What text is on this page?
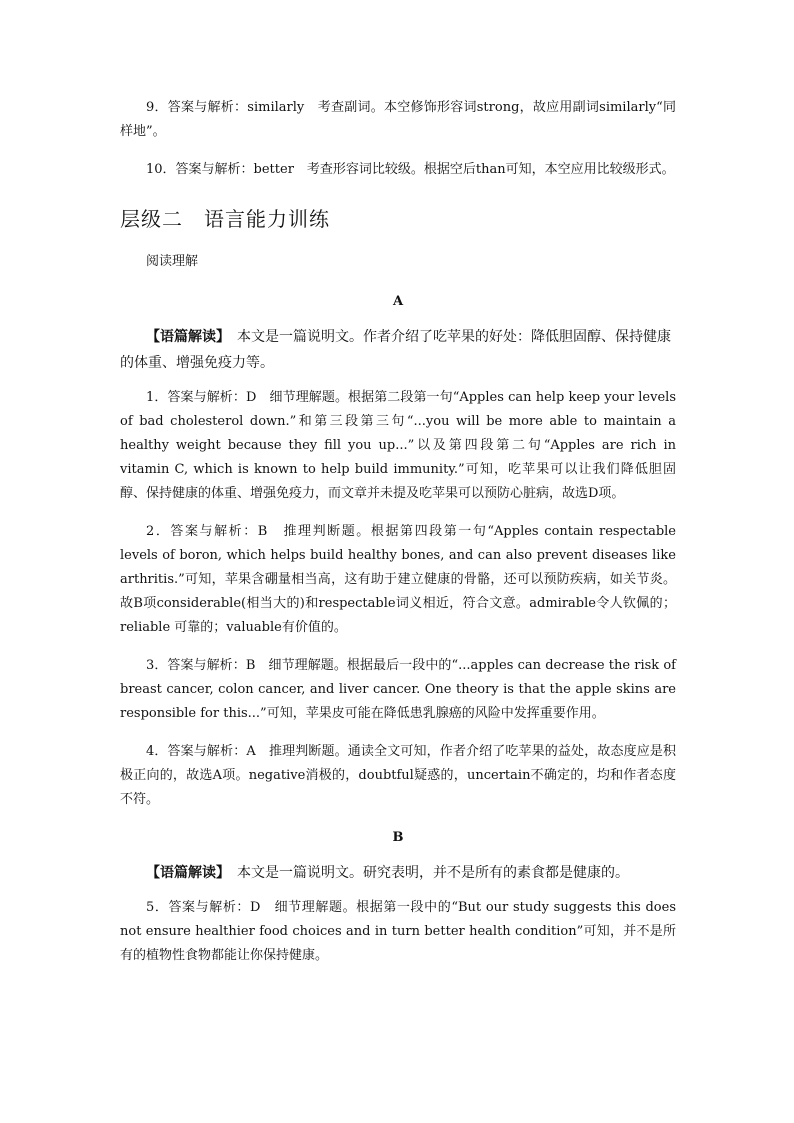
9．答案与解析：similarly　考查副词。本空修饰形容词strong，故应用副词similarly“同样地”。

10．答案与解析：better　考查形容词比较级。根据空后than可知，本空应用比较级形式。

层级二　语言能力训练

阅读理解

A

【语篇解读】　本文是一篇说明文。作者介绍了吃苹果的好处：降低胆固醇、保持健康的体重、增强免疫力等。

1．答案与解析：D　细节理解题。根据第二段第一句“Apples can help keep your levels of bad cholesterol down.”和第三段第三句“...you will be more able to maintain a healthy weight because they fill you up...”以及第四段第二句“Apples are rich in vitamin C, which is known to help build immunity.”可知，吃苹果可以让我们降低胆固醇、保持健康的体重、增强免疫力，而文章并未提及吃苹果可以预防心脏病，故选D项。

2．答案与解析：B　推理判断题。根据第四段第一句“Apples contain respectable levels of boron, which helps build healthy bones, and can also prevent diseases like arthritis.”可知，苹果含硼量相当高，这有助于建立健康的骨骼，还可以预防疾病，如关节炎。故B项considerable(相当大的)和respectable词义相近，符合文意。admirable令人钦佩的；reliable 可靠的；valuable有价值的。

3．答案与解析：B　细节理解题。根据最后一段中的“...apples can decrease the risk of breast cancer, colon cancer, and liver cancer. One theory is that the apple skins are responsible for this...”可知，苹果皮可能在降低患乳腺癌的风险中发挥重要作用。

4．答案与解析：A　推理判断题。通读全文可知，作者介绍了吃苹果的益处，故态度应是积极正向的，故选A项。negative消极的，doubtful疑惑的，uncertain不确定的，均和作者态度不符。

B

【语篇解读】　本文是一篇说明文。研究表明，并不是所有的素食都是健康的。

5．答案与解析：D　细节理解题。根据第一段中的“But our study suggests this does not ensure healthier food choices and in turn better health condition”可知，并不是所有的植物性食物都能让你保持健康。
